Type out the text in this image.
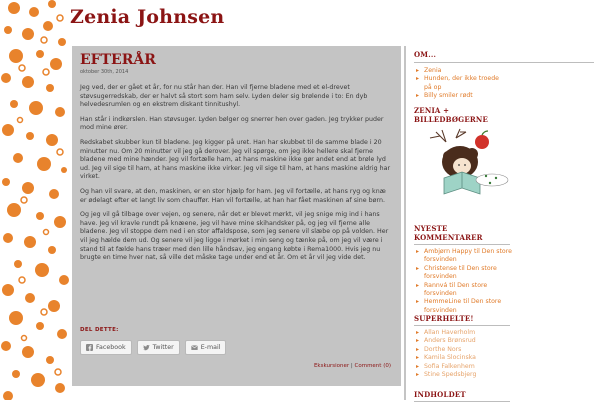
Zenia Johnsen
EFTERÅR
oktober 30th, 2014

Jeg ved, der er gået et år, for nu står han der. Han vil fjerne bladene med et el-drevet støvsugerredskab, der er halvt så stort som ham selv. Lyden deler sig brølende i to: En dyb helvedesrumlen og en ekstrem diskant tinnitushyl.

Han står i indkørslen. Han støvsuger. Lyden bølger og snerrer hen over gaden. Jeg trykker puder mod mine ører.

Redskabet skubber kun til bladene. Jeg kigger på uret. Han har skubbet til de samme blade i 20 minutter nu. Om 20 minutter vil jeg gå derover. Jeg vil spørge, om jeg ikke hellere skal fjerne bladene med mine hænder. Jeg vil fortælle ham, at hans maskine ikke gør andet end at brøle lyd ud. Jeg vil sige til ham, at hans maskine ikke virker. Jeg vil sige til ham, at hans maskine aldrig har virket.

Og han vil svare, at den, maskinen, er en stor hjælp for ham. Jeg vil fortælle, at hans ryg og knæ er ødelagt efter et langt liv som chauffør. Han vil fortælle, at han har fået maskinen af sine børn.

Og jeg vil gå tilbage over vejen, og senere, når det er blevet mørkt, vil jeg snige mig ind i hans have. Jeg vil kravle rundt på knæene, jeg vil have mine skihandsker på, og jeg vil fjerne alle bladene. Jeg vil stoppe dem ned i en stor affaldspose, som jeg senere vil slæbe op på volden. Her vil jeg hælde dem ud. Og senere vil jeg ligge i mørket i min seng og tænke på, om jeg vil være i stand til at fælde hans træer med den lille håndsav, jeg engang købte i Rema1000. Hvis jeg nu brugte en time hver nat, så ville det måske tage under end et år. Om et år vil jeg vide det.

DEL DETTE:
Facebook	Twitter	E-mail
Ekskursioner | Comment (0)
OM...
▸ Zenia
▸ Hunden, der ikke troede på op
▸ Billy smiler rødt
ZENIA + BILLEDBØGERNE
NYESTE KOMMENTARER
▸ Ambjørn Happy til Den store forsvinden
▸ Christense til Den store forsvinden
▸ Rannvá til Den store forsvinden
▸ HemmeLine til Den store forsvinden
SUPERHELTE!
▸ Allan Haverholm
▸ Anders Brønsrud
▸ Dorthe Nors
▸ Kamila Slocinska
▸ Sofia Falkenhem
▸ Stine Spedsbjerg
INDHOLDET
